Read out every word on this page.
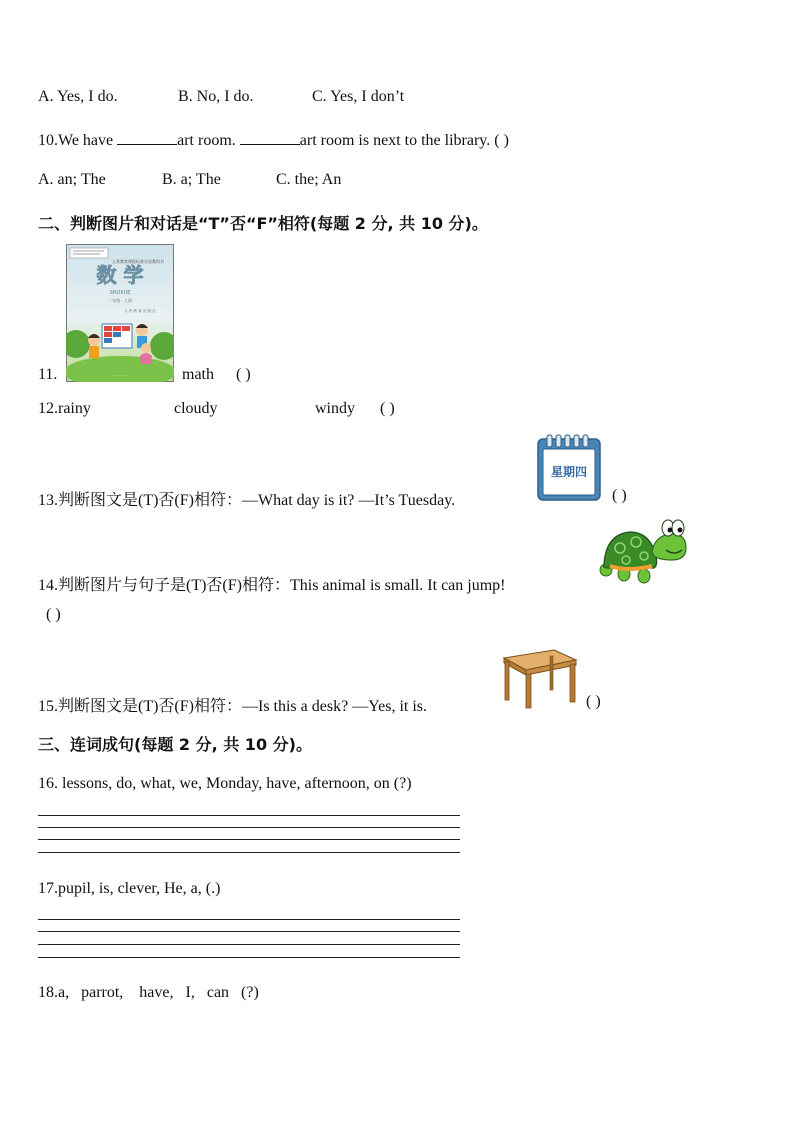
A. Yes, I do.	B. No, I do.	C. Yes, I don’t
10.We have	art room.	art room is next to the library. ( )
A. an; The	B. a; The	C. the; An
二、判断图片和对话是“T”否“F”相符(每题 2 分, 共 10 分)。
11.
义务教育课程标准实验教科书
数 学
SHUXUE
二年级 · 上册
人 民 教 育 出 版 社
· · · · · · · ·	math ( )
12.rainy	cloudy	windy ( )
13.判断图文是(T)否(F)相符：—What day is it? —It’s Tuesday.
星期四
( )
14.判断图片与句子是(T)否(F)相符：This animal is small. It can jump!
( )
15.判断图文是(T)否(F)相符：—Is this a desk? —Yes, it is.	( )
三、连词成句(每题 2 分, 共 10 分)。
16. lessons, do, what, we, Monday, have, afternoon, on (?)
17.pupil, is, clever, He, a, (.)
18.a,   parrot,    have,   I,   can   (?)
